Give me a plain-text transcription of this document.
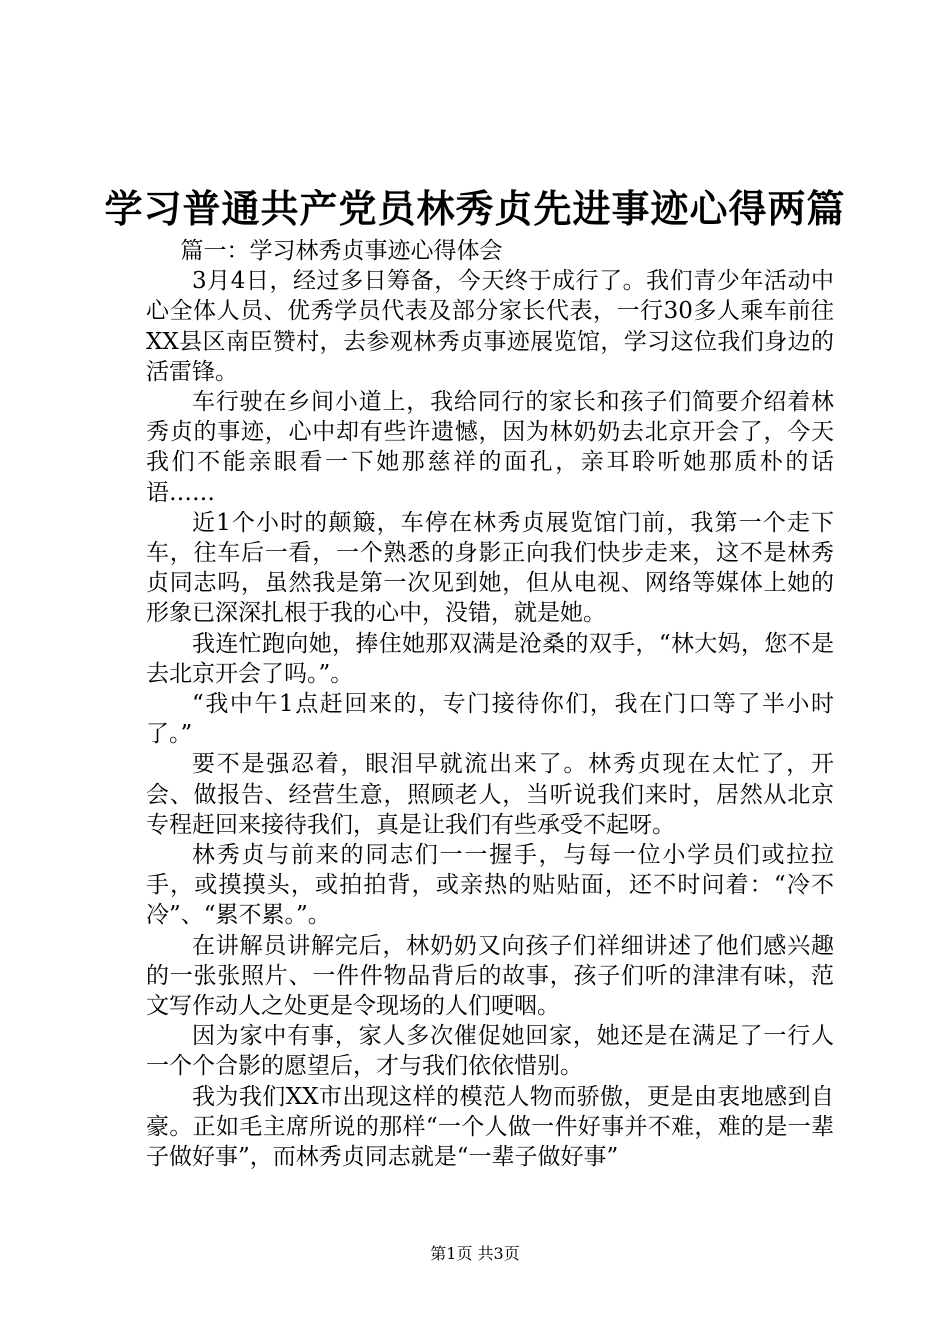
学习普通共产党员林秀贞先进事迹心得两篇

篇一：学习林秀贞事迹心得体会

3月4日，经过多日筹备，今天终于成行了。我们青少年活动中心全体人员、优秀学员代表及部分家长代表，一行30多人乘车前往XX县区南臣赞村，去参观林秀贞事迹展览馆，学习这位我们身边的活雷锋。

车行驶在乡间小道上，我给同行的家长和孩子们简要介绍着林秀贞的事迹，心中却有些许遗憾，因为林奶奶去北京开会了，今天我们不能亲眼看一下她那慈祥的面孔，亲耳聆听她那质朴的话语……

近1个小时的颠簸，车停在林秀贞展览馆门前，我第一个走下车，往车后一看，一个熟悉的身影正向我们快步走来，这不是林秀贞同志吗，虽然我是第一次见到她，但从电视、网络等媒体上她的形象已深深扎根于我的心中，没错，就是她。

我连忙跑向她，捧住她那双满是沧桑的双手，“林大妈，您不是去北京开会了吗。”。

“我中午1点赶回来的，专门接待你们，我在门口等了半小时了。”

要不是强忍着，眼泪早就流出来了。林秀贞现在太忙了，开会、做报告、经营生意，照顾老人，当听说我们来时，居然从北京专程赶回来接待我们，真是让我们有些承受不起呀。

林秀贞与前来的同志们一一握手，与每一位小学员们或拉拉手，或摸摸头，或拍拍背，或亲热的贴贴面，还不时问着：“冷不冷”、“累不累。”。

在讲解员讲解完后，林奶奶又向孩子们祥细讲述了他们感兴趣的一张张照片、一件件物品背后的故事，孩子们听的津津有味，范文写作动人之处更是令现场的人们哽咽。

因为家中有事，家人多次催促她回家，她还是在满足了一行人一个个合影的愿望后，才与我们依依惜别。

我为我们XX市出现这样的模范人物而骄傲，更是由衷地感到自豪。正如毛主席所说的那样“一个人做一件好事并不难，难的是一辈子做好事”，而林秀贞同志就是“一辈子做好事”

第1页 共3页
